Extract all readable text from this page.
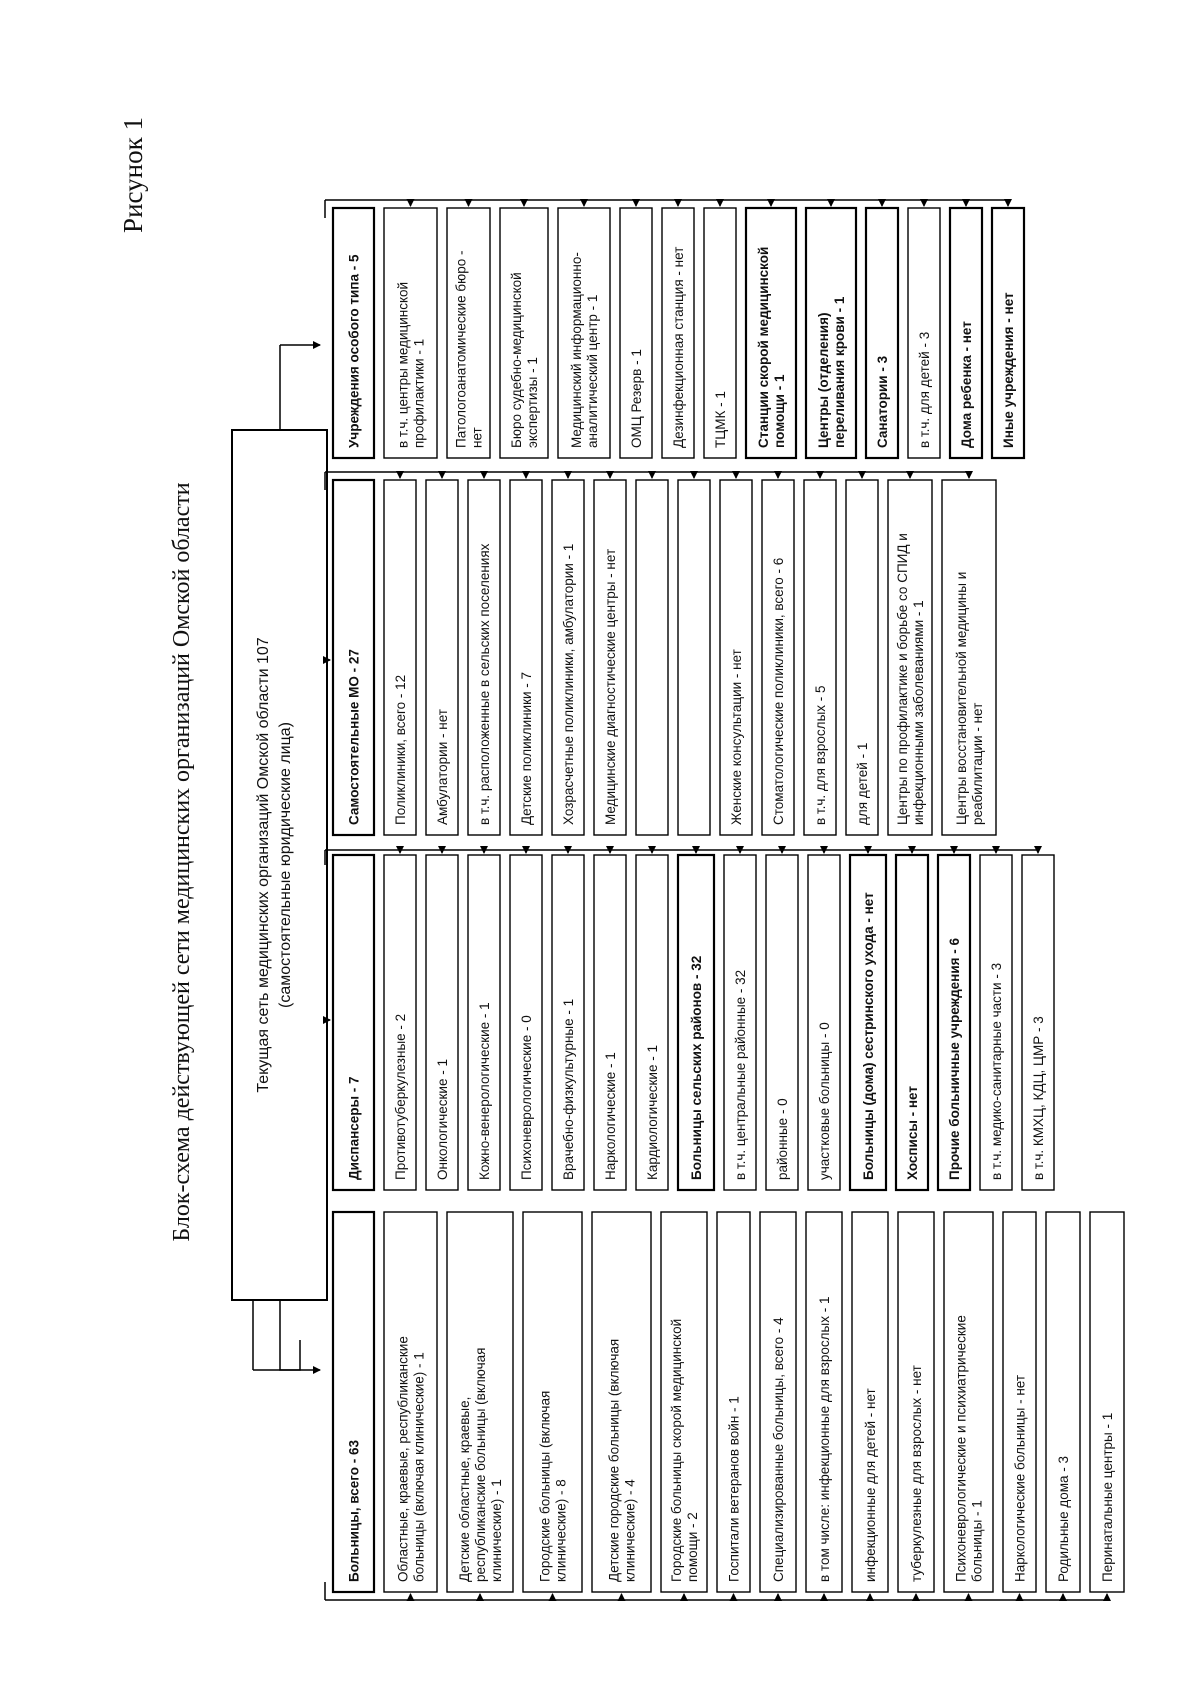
Рисунок 1
Блок-схема действующей сети медицинских организаций Омской области	Текущая сеть медицинских организаций Омской области 107 (самостоятельные юридические лица)
Больницы, всего - 63	Областные, краевые, республиканские больницы (включая клинические) - 1 Детские областные, краевые, республиканские больницы (включая клинические) - 1 Городские больницы (включая клинические) - 8	Детские городские больницы (включая клинические) - 4 Городские больницы скорой медицинской помощи - 2 Госпитали ветеранов войн - 1 Специализированные больницы, всего - 4 в том числе: инфекционные для взрослых - 1 инфекционные для детей - нет туберкулезные для взрослых - нет Психоневрологические и психиатрические больницы - 1 Наркологические больницы - нет Родильные дома - 3 Перинатальные центры - 1
Диспансеры - 7 Противотуберкулезные - 2 Онкологические - 1 Кожно-венерологические - 1 Психоневрологические - 0 Врачебно-физкультурные - 1 Наркологические - 1 Кардиологические - 1 Больницы сельских районов - 32 в т.ч. центральные районные - 32 районные - 0 участковые больницы - 0 Больницы (дома) сестринского ухода - нет Хосписы - нет Прочие больничные учреждения - 6 в т.ч. медико-санитарные части - 3 в т.ч. КМХЦ, КДЦ, ЦМР - 3
Самостоятельные МО - 27 Поликлиники, всего - 12 Амбулатории - нет в т.ч. расположенные в сельских поселениях Детские поликлиники - 7 Хозрасчетные поликлиники, амбулатории - 1 Медицинские диагностические центры - нет	Женские консультации - нет Стоматологические поликлиники, всего - 6 в т.ч. для взрослых - 5 для детей - 1 Центры по профилактике и борьбе со СПИД и инфекционными заболеваниями - 1 Центры восстановительной медицины и реабилитации - нет
Учреждения особого типа - 5	в т.ч. центры медицинской профилактики - 1 Патологоанатомические бюро - нет Бюро судебно-медицинской экспертизы - 1 Медицинский информационно- аналитический центр - 1 ОМЦ Резерв - 1 Дезинфекционная станция - нет ТЦМК - 1 Станции скорой медицинской помощи - 1 Центры (отделения) переливания крови - 1 Санатории - 3 в т.ч. для детей - 3 Дома ребенка - нет Иные учреждения - нет
